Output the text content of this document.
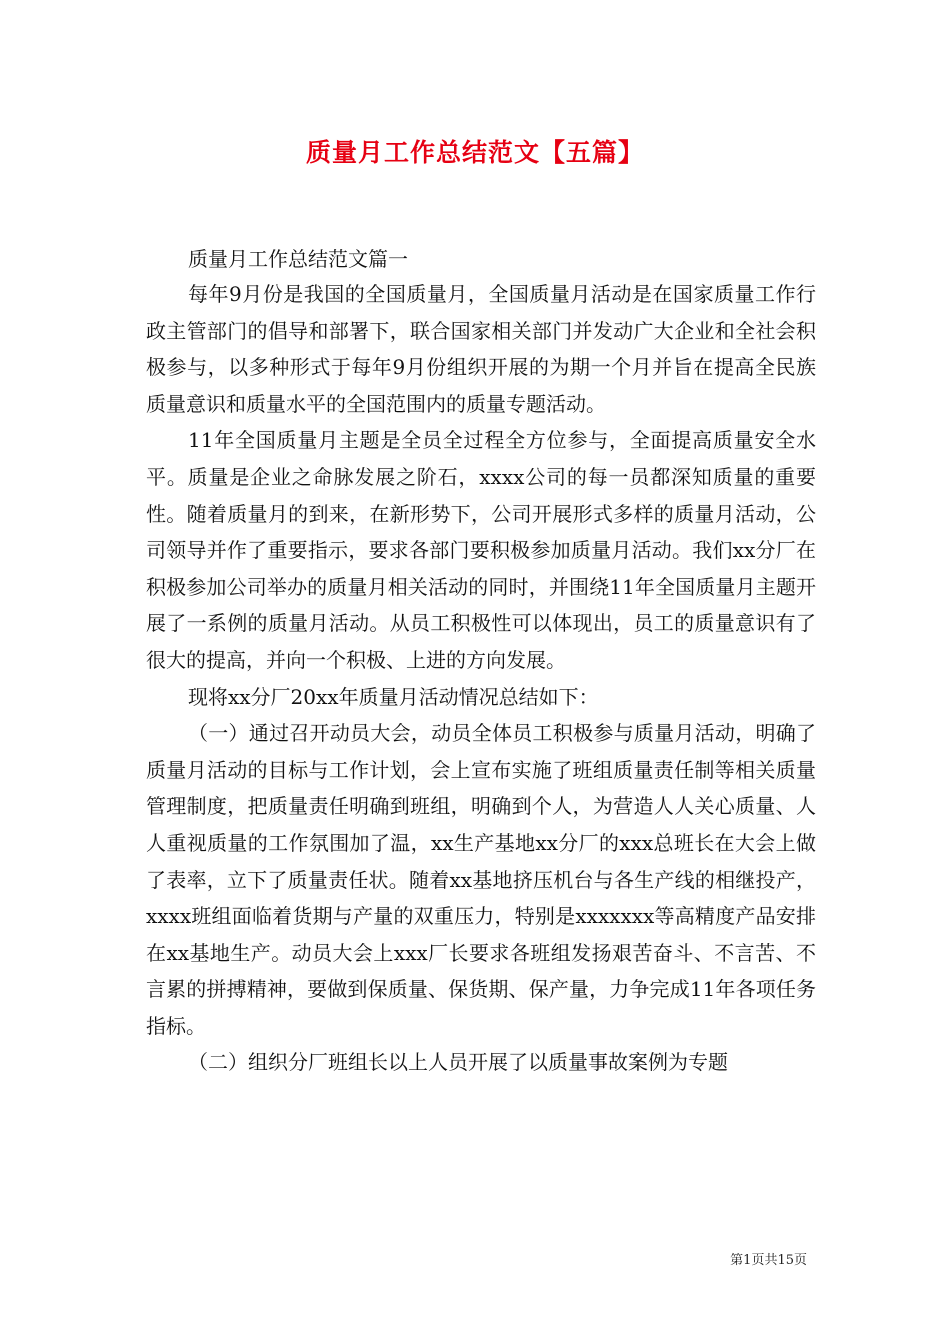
质量月工作总结范文【五篇】

质量月工作总结范文篇一

每年9月份是我国的全国质量月，全国质量月活动是在国家质量工作行政主管部门的倡导和部署下，联合国家相关部门并发动广大企业和全社会积极参与，以多种形式于每年9月份组织开展的为期一个月并旨在提高全民族质量意识和质量水平的全国范围内的质量专题活动。

11年全国质量月主题是全员全过程全方位参与，全面提高质量安全水平。质量是企业之命脉发展之阶石，xxxx公司的每一员都深知质量的重要性。随着质量月的到来，在新形势下，公司开展形式多样的质量月活动，公司领导并作了重要指示，要求各部门要积极参加质量月活动。我们xx分厂在积极参加公司举办的质量月相关活动的同时，并围绕11年全国质量月主题开展了一系例的质量月活动。从员工积极性可以体现出，员工的质量意识有了很大的提高，并向一个积极、上进的方向发展。

现将xx分厂20xx年质量月活动情况总结如下：

（一）通过召开动员大会，动员全体员工积极参与质量月活动，明确了质量月活动的目标与工作计划，会上宣布实施了班组质量责任制等相关质量管理制度，把质量责任明确到班组，明确到个人，为营造人人关心质量、人人重视质量的工作氛围加了温，xx生产基地xx分厂的xxx总班长在大会上做了表率，立下了质量责任状。随着xx基地挤压机台与各生产线的相继投产，xxxx班组面临着货期与产量的双重压力，特别是xxxxxxx等高精度产品安排在xx基地生产。动员大会上xxx厂长要求各班组发扬艰苦奋斗、不言苦、不言累的拼搏精神，要做到保质量、保货期、保产量，力争完成11年各项任务指标。

（二）组织分厂班组长以上人员开展了以质量事故案例为专题

第1页共15页
